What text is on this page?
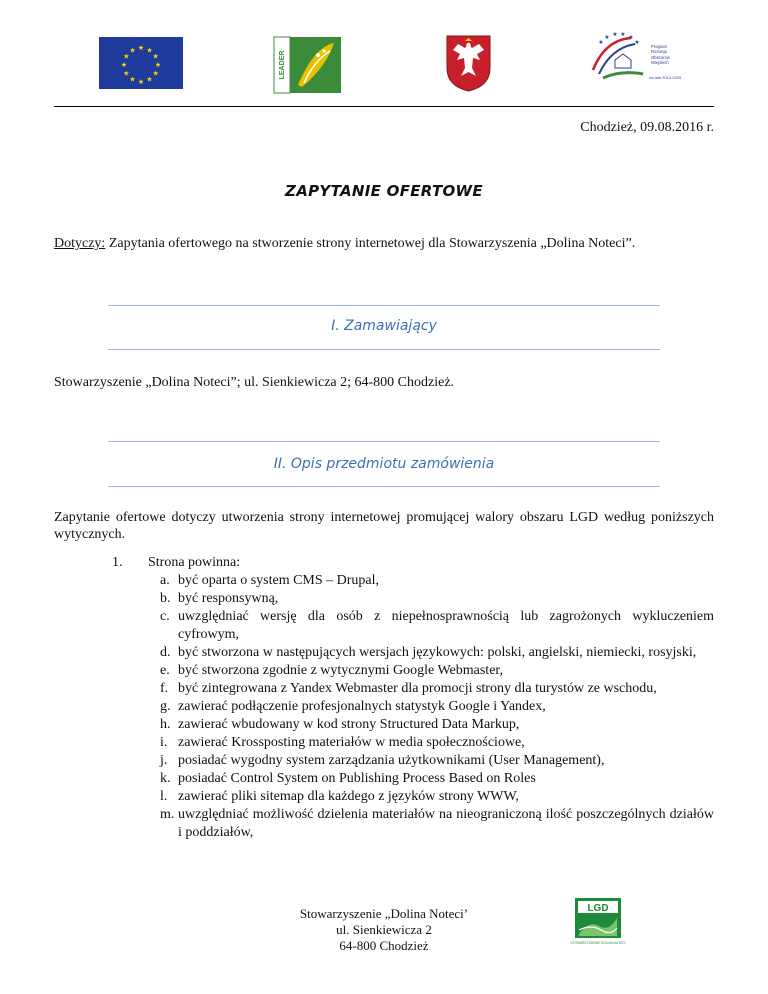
★ ★
★
★
★
★
★
★
★
★
★
★
LEADER
★ ★ ★ ★
★	★
Program
Rozwoju
Obszarów
Wiejskich
na lata 2014-2020
Chodzież, 09.08.2016 r.
ZAPYTANIE OFERTOWE
Dotyczy: Zapytania ofertowego na stworzenie strony internetowej dla Stowarzyszenia „Dolina Noteci”.
I. Zamawiający
Stowarzyszenie „Dolina Noteci”; ul. Sienkiewicza 2; 64-800 Chodzież.
II. Opis przedmiotu zamówienia
Zapytanie ofertowe dotyczy utworzenia strony internetowej promującej walory obszaru LGD według poniższych wytycznych.
1.	Strona powinna:
a. być oparta o system CMS – Drupal,
b. być responsywną,
c. uwzględniać wersję dla osób z niepełnosprawnością lub zagrożonych wykluczeniem cyfrowym,
d. być stworzona w następujących wersjach językowych: polski, angielski, niemiecki, rosyjski,
e. być stworzona zgodnie z wytycznymi Google Webmaster,
f. być zintegrowana z Yandex Webmaster dla promocji strony dla turystów ze wschodu,
g. zawierać podłączenie profesjonalnych statystyk Google i Yandex,
h. zawierać wbudowany w kod strony Structured Data Markup,
i. zawierać Krossposting materiałów w media społecznościowe,
j. posiadać wygodny system zarządzania użytkownikami (User Management),
k. posiadać Control System on Publishing Process Based on Roles
l. zawierać pliki sitemap dla każdego z języków strony WWW,
m. uwzględniać możliwość dzielenia materiałów na nieograniczoną ilość poszczególnych działów i poddziałów,
Stowarzyszenie „Dolina Noteci’
ul. Sienkiewicza 2
64-800 Chodzież
LGD
STOWARZYSZENIE DOLINA NOTECI
